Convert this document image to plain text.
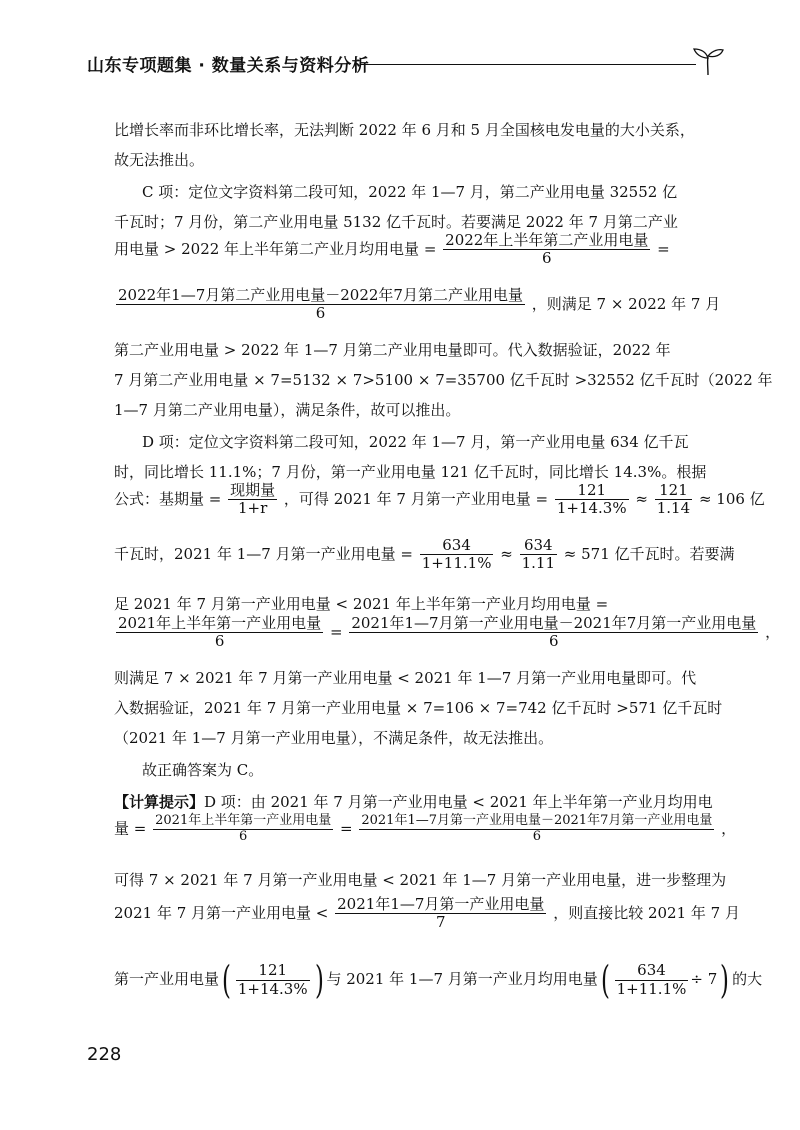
山东专项题集 · 数量关系与资料分析
比增长率而非环比增长率，无法判断 2022 年 6 月和 5 月全国核电发电量的大小关系，
故无法推出。
C 项：定位文字资料第二段可知，2022 年 1—7 月，第二产业用电量 32552 亿
千瓦时；7 月份，第二产业用电量 5132 亿千瓦时。若要满足 2022 年 7 月第二产业
用电量 > 2022 年上半年第二产业月均用电量 = $\frac{\text{2022年上半年第二产业用电量}}{6}$ =
$\frac{\text{2022年1—7月第二产业用电量－2022年7月第二产业用电量}}{6}$ ，则满足 7 × 2022 年 7 月
第二产业用电量 > 2022 年 1—7 月第二产业用电量即可。代入数据验证，2022 年
7 月第二产业用电量 × 7=5132 × 7>5100 × 7=35700 亿千瓦时 >32552 亿千瓦时（2022 年
1—7 月第二产业用电量），满足条件，故可以推出。
D 项：定位文字资料第二段可知，2022 年 1—7 月，第一产业用电量 634 亿千瓦
时，同比增长 11.1%；7 月份，第一产业用电量 121 亿千瓦时，同比增长 14.3%。根据
公式：基期量 = $\frac{\text{现期量}}{1+r}$ ，可得 2021 年 7 月第一产业用电量 = $\frac{121}{1+14.3\%} \approx \frac{121}{1.14} \approx 106$ 亿
千瓦时，2021 年 1—7 月第一产业用电量 = $\frac{634}{1+11.1\%} \approx \frac{634}{1.11} \approx 571$ 亿千瓦时。若要满
足 2021 年 7 月第一产业用电量 < 2021 年上半年第一产业月均用电量 =
$\frac{\text{2021年上半年第一产业用电量}}{6} = \frac{\text{2021年1—7月第一产业用电量－2021年7月第一产业用电量}}{6}$ ，
则满足 7 × 2021 年 7 月第一产业用电量 < 2021 年 1—7 月第一产业用电量即可。代
入数据验证，2021 年 7 月第一产业用电量 × 7=106 × 7=742 亿千瓦时 >571 亿千瓦时
（2021 年 1—7 月第一产业用电量），不满足条件，故无法推出。
故正确答案为 C。
【计算提示】D 项：由 2021 年 7 月第一产业用电量 < 2021 年上半年第一产业月均用电
量 = $\frac{\text{2021年上半年第一产业用电量}}{6} = \frac{\text{2021年1—7月第一产业用电量－2021年7月第一产业用电量}}{6}$ ，
可得 7 × 2021 年 7 月第一产业用电量 < 2021 年 1—7 月第一产业用电量，进一步整理为
2021 年 7 月第一产业用电量 < $\frac{\text{2021年1—7月第一产业用电量}}{7}$ ，则直接比较 2021 年 7 月
第一产业用电量( $\frac{121}{1+14.3\%}$ ) 与 2021 年 1—7 月第一产业月均用电量( $\frac{634}{1+11.1\%} \div 7$) 的大
228
